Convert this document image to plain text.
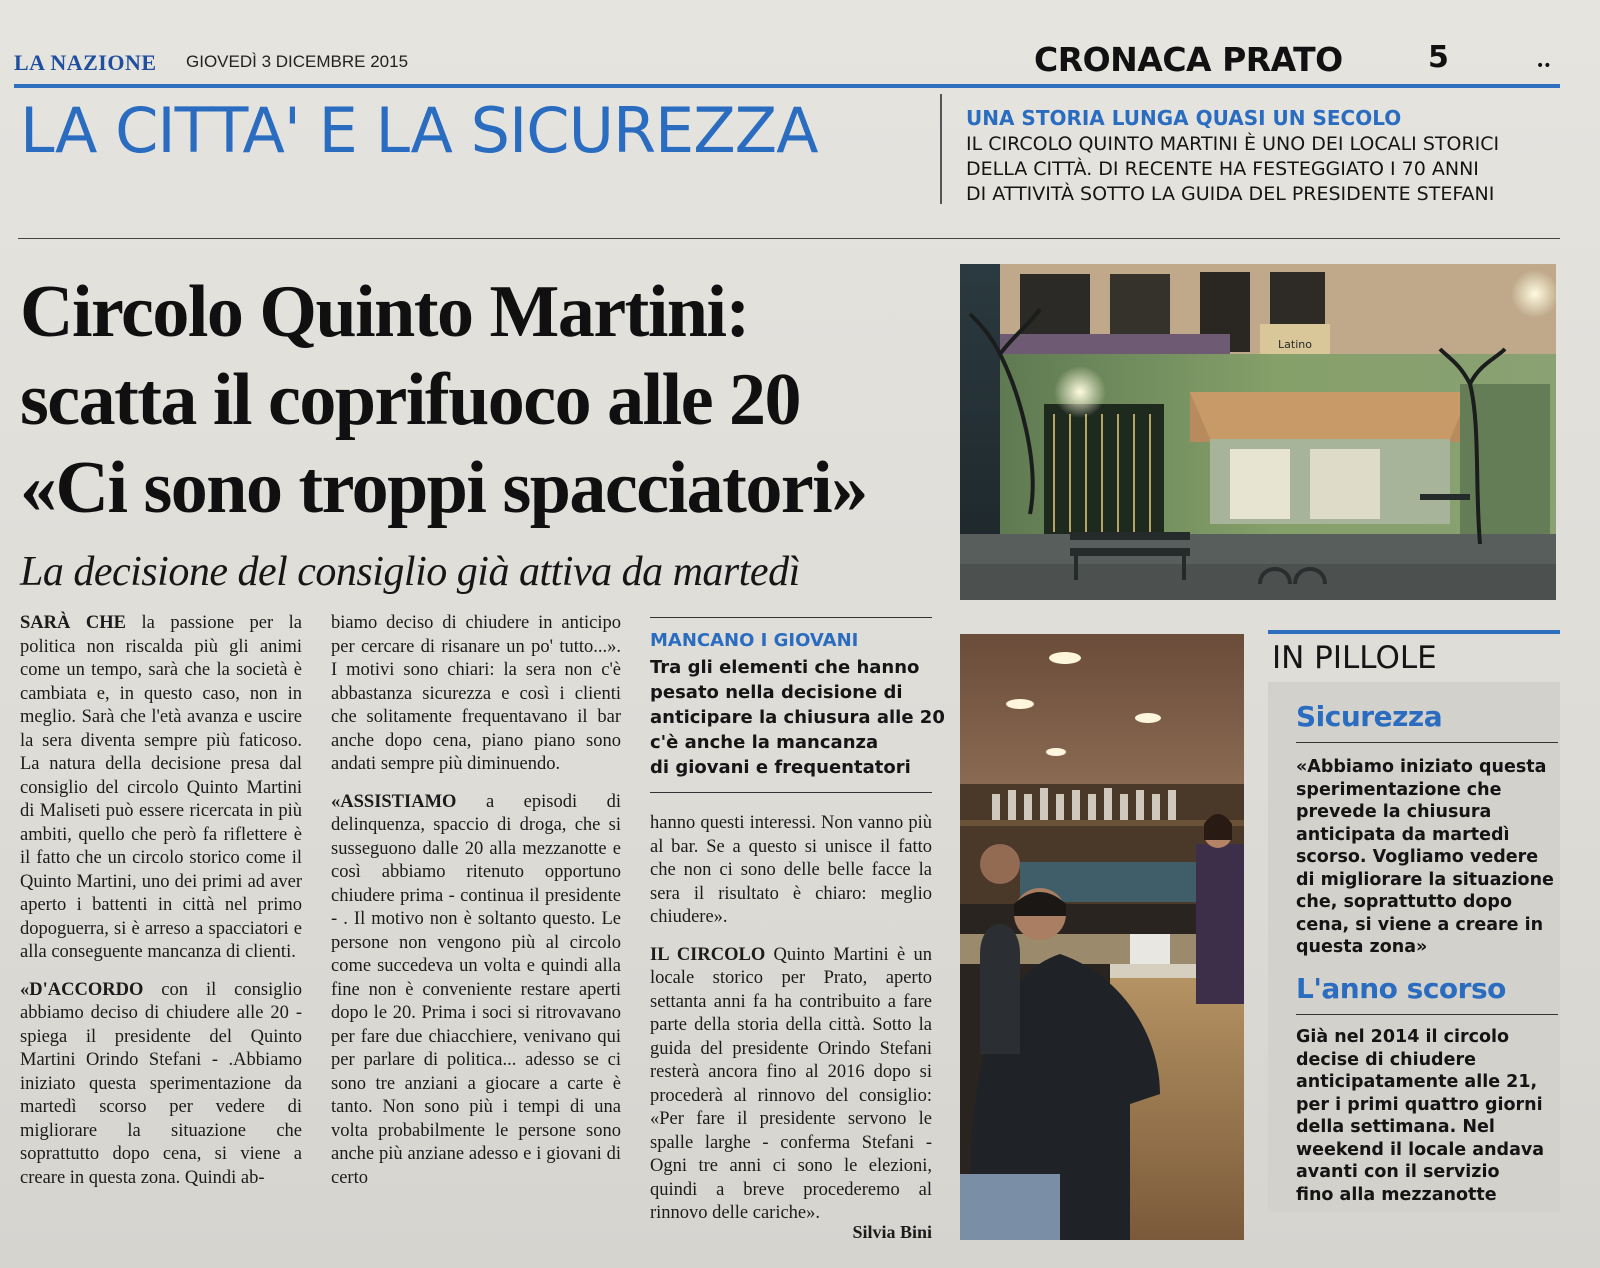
LA NAZIONE GIOVEDÌ 3 DICEMBRE 2015	CRONACA PRATO	5	••
LA CITTA' E LA SICUREZZA	UNA STORIA LUNGA QUASI UN SECOLO
IL CIRCOLO QUINTO MARTINI È UNO DEI LOCALI STORICI
DELLA CITTÀ. DI RECENTE HA FESTEGGIATO I 70 ANNI
DI ATTIVITÀ SOTTO LA GUIDA DEL PRESIDENTE STEFANI
Circolo Quinto Martini:
scatta il coprifuoco alle 20
«Ci sono troppi spacciatori»
La decisione del consiglio già attiva da martedì

SARÀ CHE la passione per la politica non riscalda più gli animi come un tempo, sarà che la società è cambiata e, in questo caso, non in meglio. Sarà che l'età avanza e uscire la sera diventa sempre più faticoso. La natura della decisione presa dal consiglio del circolo Quinto Martini di Maliseti può essere ricercata in più ambiti, quello che però fa riflettere è il fatto che un circolo storico come il Quinto Martini, uno dei primi ad aver aperto i battenti in città nel primo dopoguerra, si è arreso a spacciatori e alla conseguente mancanza di clienti.

«D'ACCORDO con il consiglio abbiamo deciso di chiudere alle 20 - spiega il presidente del Quinto Martini Orindo Stefani - .Abbiamo iniziato questa sperimentazione da martedì scorso per vedere di migliorare la situazione che soprattutto dopo cena, si viene a creare in questa zona. Quindi ab-

biamo deciso di chiudere in anticipo per cercare di risanare un po' tutto...». I motivi sono chiari: la sera non c'è abbastanza sicurezza e così i clienti che solitamente frequentavano il bar anche dopo cena, piano piano sono andati sempre più diminuendo.

«ASSISTIAMO a episodi di delinquenza, spaccio di droga, che si susseguono dalle 20 alla mezzanotte e così abbiamo ritenuto opportuno chiudere prima - continua il presidente - . Il motivo non è soltanto questo. Le persone non vengono più al circolo come succedeva un volta e quindi alla fine non è conveniente restare aperti dopo le 20. Prima i soci si ritrovavano per fare due chiacchiere, venivano qui per parlare di politica... adesso se ci sono tre anziani a giocare a carte è tanto. Non sono più i tempi di una volta probabilmente le persone sono anche più anziane adesso e i giovani di certo

MANCANO I GIOVANI
Tra gli elementi che hanno
pesato nella decisione di
anticipare la chiusura alle 20
c'è anche la mancanza
di giovani e frequentatori

hanno questi interessi. Non vanno più al bar. Se a questo si unisce il fatto che non ci sono delle belle facce la sera il risultato è chiaro: meglio chiudere».

IL CIRCOLO Quinto Martini è un locale storico per Prato, aperto settanta anni fa ha contribuito a fare parte della storia della città. Sotto la guida del presidente Orindo Stefani resterà ancora fino al 2016 dopo si procederà al rinnovo del consiglio: «Per fare il presidente servono le spalle larghe - conferma Stefani - Ogni tre anni ci sono le elezioni, quindi a breve procederemo al rinnovo delle cariche».

Silvia Bini
Latino
IN PILLOLE
Sicurezza
«Abbiamo iniziato questa
sperimentazione che
prevede la chiusura
anticipata da martedì
scorso. Vogliamo vedere
di migliorare la situazione
che, soprattutto dopo
cena, si viene a creare in
questa zona»
L'anno scorso
Già nel 2014 il circolo
decise di chiudere
anticipatamente alle 21,
per i primi quattro giorni
della settimana. Nel
weekend il locale andava
avanti con il servizio
fino alla mezzanotte
